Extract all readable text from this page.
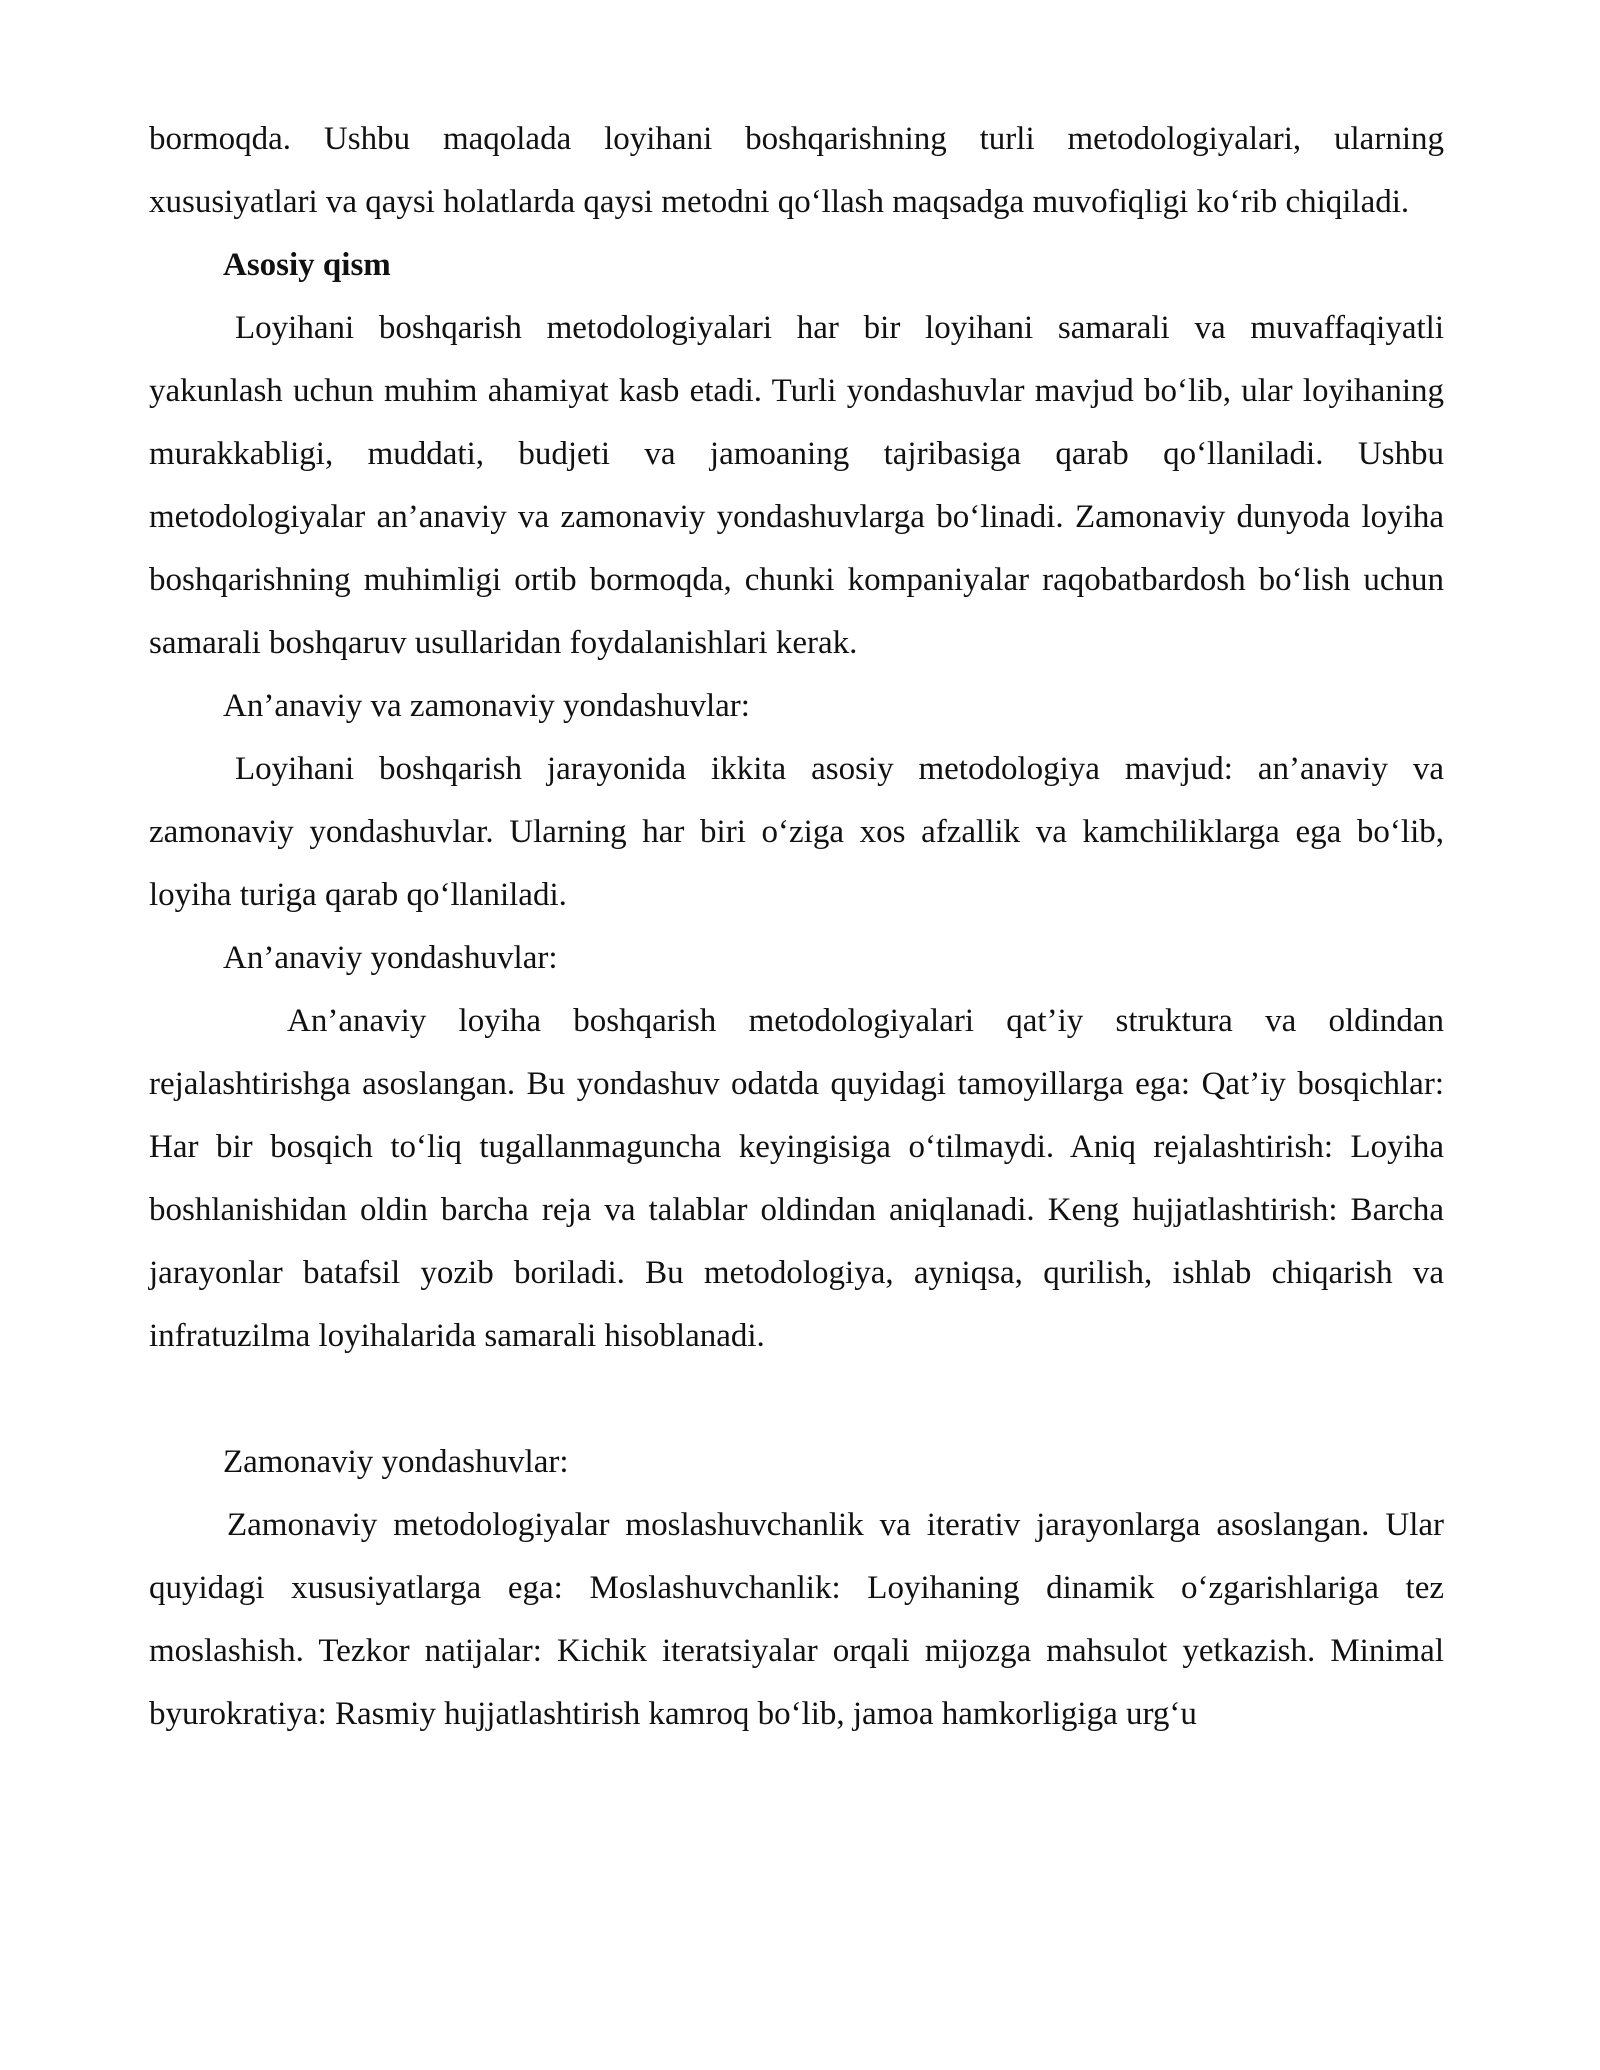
bormoqda. Ushbu maqolada loyihani boshqarishning turli metodologiyalari, ularning xususiyatlari va qaysi holatlarda qaysi metodni qo‘llash maqsadga muvofiqligi ko‘rib chiqiladi.

Asosiy qism

Loyihani boshqarish metodologiyalari har bir loyihani samarali va muvaffaqiyatli yakunlash uchun muhim ahamiyat kasb etadi. Turli yondashuvlar mavjud bo‘lib, ular loyihaning murakkabligi, muddati, budjeti va jamoaning tajribasiga qarab qo‘llaniladi. Ushbu metodologiyalar an’anaviy va zamonaviy yondashuvlarga bo‘linadi. Zamonaviy dunyoda loyiha boshqarishning muhimligi ortib bormoqda, chunki kompaniyalar raqobatbardosh bo‘lish uchun samarali boshqaruv usullaridan foydalanishlari kerak.

An’anaviy va zamonaviy yondashuvlar:

Loyihani boshqarish jarayonida ikkita asosiy metodologiya mavjud: an’anaviy va zamonaviy yondashuvlar. Ularning har biri o‘ziga xos afzallik va kamchiliklarga ega bo‘lib, loyiha turiga qarab qo‘llaniladi.

An’anaviy yondashuvlar:

An’anaviy loyiha boshqarish metodologiyalari qat’iy struktura va oldindan rejalashtirishga asoslangan. Bu yondashuv odatda quyidagi tamoyillarga ega: Qat’iy bosqichlar: Har bir bosqich to‘liq tugallanmaguncha keyingisiga o‘tilmaydi. Aniq rejalashtirish: Loyiha boshlanishidan oldin barcha reja va talablar oldindan aniqlanadi. Keng hujjatlashtirish: Barcha jarayonlar batafsil yozib boriladi. Bu metodologiya, ayniqsa, qurilish, ishlab chiqarish va infratuzilma loyihalarida samarali hisoblanadi.

Zamonaviy yondashuvlar:

Zamonaviy metodologiyalar moslashuvchanlik va iterativ jarayonlarga asoslangan. Ular quyidagi xususiyatlarga ega: Moslashuvchanlik: Loyihaning dinamik o‘zgarishlariga tez moslashish. Tezkor natijalar: Kichik iteratsiyalar orqali mijozga mahsulot yetkazish. Minimal byurokratiya: Rasmiy hujjatlashtirish kamroq bo‘lib, jamoa hamkorligiga urg‘u
